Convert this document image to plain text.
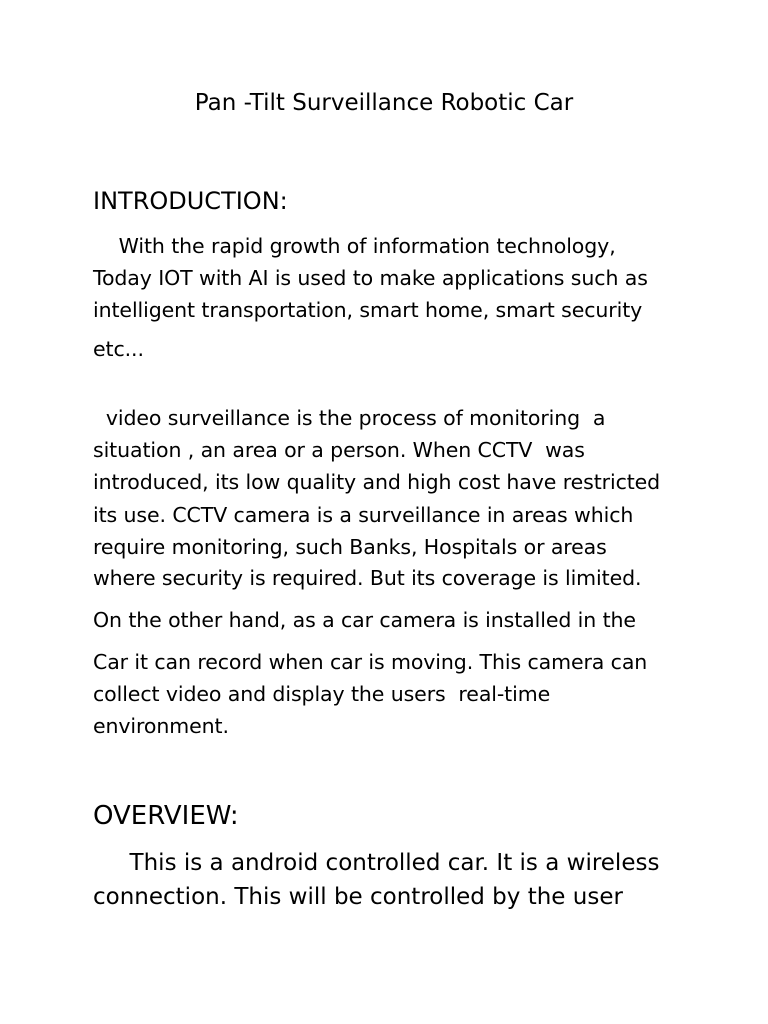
Pan -Tilt Surveillance Robotic Car
INTRODUCTION:
With the rapid growth of information technology,
Today IOT with AI is used to make applications such as
intelligent transportation, smart home, smart security
etc...
video surveillance is the process of monitoring  a
situation , an area or a person. When CCTV  was
introduced, its low quality and high cost have restricted
its use. CCTV camera is a surveillance in areas which
require monitoring, such Banks, Hospitals or areas
where security is required. But its coverage is limited.
On the other hand, as a car camera is installed in the
Car it can record when car is moving. This camera can
collect video and display the users  real-time
environment.
OVERVIEW:
This is a android controlled car. It is a wireless
connection. This will be controlled by the user
